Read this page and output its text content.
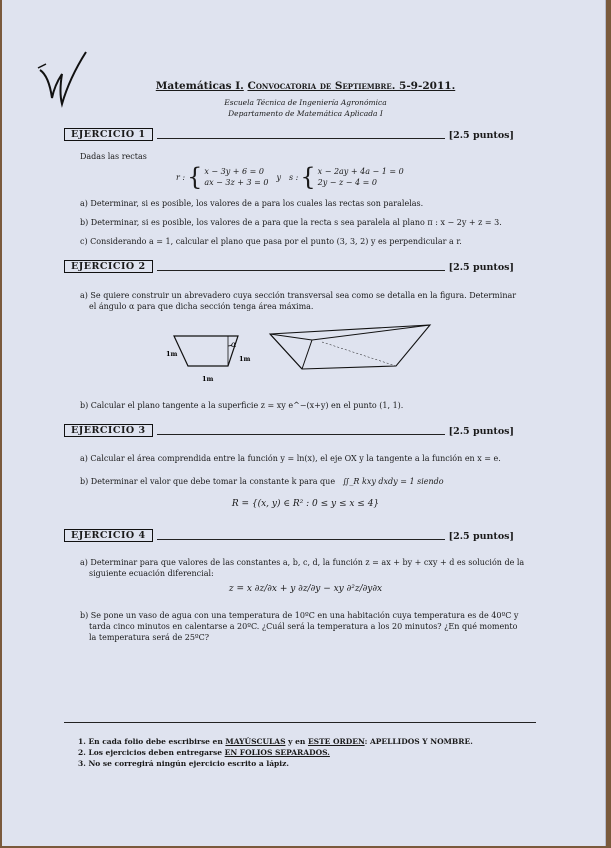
Matemáticas I. Convocatoria de Septiembre. 5-9-2011.
Escuela Técnica de Ingeniería Agronómica
Departamento de Matemática Aplicada I
EJERCICIO 1	[2.5 puntos]
Dadas las rectas
r : { x − 3y + 6 = 0
ax − 3z + 3 = 0
y s : { x − 2ay + 4a − 1 = 0
2y − z − 4 = 0
a) Determinar, si es posible, los valores de a para los cuales las rectas son paralelas.
b) Determinar, si es posible, los valores de a para que la recta s sea paralela al plano π : x − 2y + z = 3.
c) Considerando a = 1, calcular el plano que pasa por el punto (3, 3, 2) y es perpendicular a r.
EJERCICIO 2	[2.5 puntos]
a) Se quiere construir un abrevadero cuya sección transversal sea como se detalla en la figura. Determinar
el ángulo α para que dicha sección tenga área máxima.
α
1m
1m
1m
b) Calcular el plano tangente a la superficie z = xy e^−(x+y) en el punto (1, 1).
EJERCICIO 3	[2.5 puntos]
a) Calcular el área comprendida entre la función y = ln(x), el eje OX y la tangente a la función en x = e.
b) Determinar el valor que debe tomar la constante k para que ∬_R kxy dxdy = 1 siendo
R = {(x, y) ∈ R² : 0 ≤ y ≤ x ≤ 4}
EJERCICIO 4	[2.5 puntos]
a) Determinar para que valores de las constantes a, b, c, d, la función z = ax + by + cxy + d es solución de la
siguiente ecuación diferencial:
z = x ∂z/∂x + y ∂z/∂y − xy ∂²z/∂y∂x
b) Se pone un vaso de agua con una temperatura de 10ºC en una habitación cuya temperatura es de 40ºC y
tarda cinco minutos en calentarse a 20ºC. ¿Cuál será la temperatura a los 20 minutos? ¿En qué momento
la temperatura será de 25ºC?
1. En cada folio debe escribirse en MAYÚSCULAS y en ESTE ORDEN: APELLIDOS Y NOMBRE.
2. Los ejercicios deben entregarse EN FOLIOS SEPARADOS.
3. No se corregirá ningún ejercicio escrito a lápiz.
